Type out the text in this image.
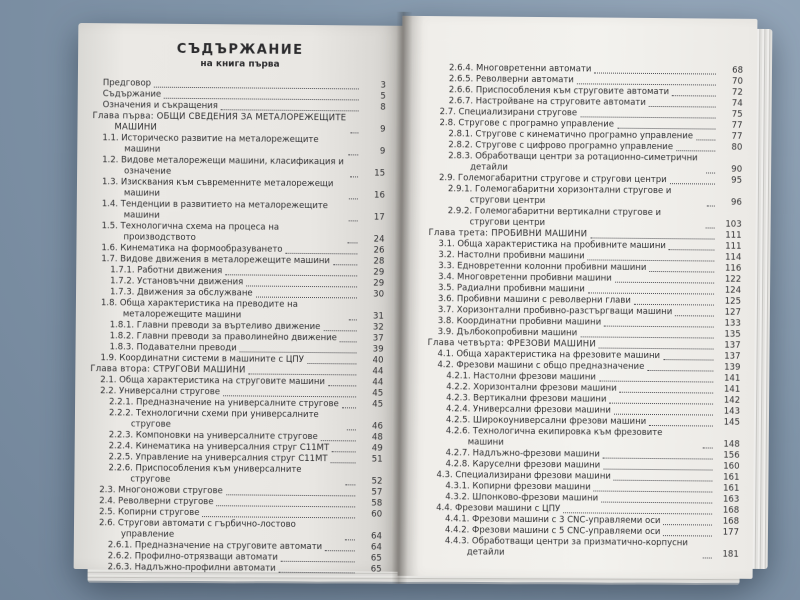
СЪДЪРЖАНИЕ
на книга първа
Предговор	3
Съдържание	5
Означения и съкращения	8
Глава първа: ОБЩИ СВЕДЕНИЯ ЗА МЕТАЛОРЕЖЕЩИТЕ МАШИНИ	9
1.1. Историческо развитие на металорежещите машини	9
1.2. Видове металорежещи машини, класификация и означение	15
1.3. Изисквания към съвременните металорежещи машини	16
1.4. Тенденции в развитието на металорежещите машини	17
1.5. Технологична схема на процеса на производството	24
1.6. Кинематика на формообразуването	26
1.7. Видове движения в металорежещите машини	28
1.7.1. Работни движения	29
1.7.2. Установъчни движения	29
1.7.3. Движения за обслужване	30
1.8. Обща характеристика на преводите на металорежещите машини	31
1.8.1. Главни преводи за въртеливо движение	32
1.8.2. Главни преводи за праволинейно движение	37
1.8.3. Подавателни преводи	39
1.9. Координатни системи в машините с ЦПУ	40
Глава втора: СТРУГОВИ МАШИНИ	44
2.1. Обща характеристика на струговите машини	44
2.2. Универсални стругове	45
2.2.1. Предназначение на универсалните стругове	45
2.2.2. Технологични схеми при универсалните стругове	46
2.2.3. Компоновки на универсалните стругове	48
2.2.4. Кинематика на универсалния струг С11МТ	49
2.2.5. Управление на универсалния струг С11МТ	51
2.2.6. Приспособления към универсалните стругове	52
2.3. Многоножови стругове	57
2.4. Револверни стругове	58
2.5. Копирни стругове	60
2.6. Стругови автомати с гърбично-лостово управление	64
2.6.1. Предназначение на струговите автомати	64
2.6.2. Профилно-отрязващи автомати	65
2.6.3. Надлъжно-профилни автомати	65
2.6.4. Многовретенни автомати	68
2.6.5. Револверни автомати	70
2.6.6. Приспособления към струговите автомати	72
2.6.7. Настройване на струговите автомати	74
2.7. Специализирани стругове	75
2.8. Стругове с програмно управление	77
2.8.1. Стругове с кинематично програмно управление	77
2.8.2. Стругове с цифрово програмно управление	80
2.8.3. Обработващи центри за ротационно-симетрични детайли	90
2.9. Големогабаритни стругове и стругови центри	95
2.9.1. Големогабаритни хоризонтални стругове и стругови центри	96
2.9.2. Големогабаритни вертикални стругове и стругови центри	103
Глава трета: ПРОБИВНИ МАШИНИ	111
3.1. Обща характеристика на пробивните машини	111
3.2. Настолни пробивни машини	114
3.3. Едновретенни колонни пробивни машини	116
3.4. Многовретенни пробивни машини	122
3.5. Радиални пробивни машини	124
3.6. Пробивни машини с револверни глави	125
3.7. Хоризонтални пробивно-разстъргващи машини	127
3.8. Координатни пробивни машини	133
3.9. Дълбокопробивни машини	135
Глава четвърта: ФРЕЗОВИ МАШИНИ	137
4.1. Обща характеристика на фрезовите машини	137
4.2. Фрезови машини с общо предназначение	139
4.2.1. Настолни фрезови машини	141
4.2.2. Хоризонтални фрезови машини	141
4.2.3. Вертикални фрезови машини	142
4.2.4. Универсални фрезови машини	143
4.2.5. Широкоуниверсални фрезови машини	145
4.2.6. Технологична екипировка към фрезовите машини	148
4.2.7. Надлъжно-фрезови машини	156
4.2.8. Каруселни фрезови машини	160
4.3. Специализирани фрезови машини	161
4.3.1. Копирни фрезови машини	161
4.3.2. Шпонково-фрезови машини	163
4.4. Фрезови машини с ЦПУ	168
4.4.1. Фрезови машини с 3 CNC-управляеми оси	168
4.4.2. Фрезови машини с 5 CNC-управляеми оси	177
4.4.3. Обработващи центри за призматично-корпусни детайли	181
